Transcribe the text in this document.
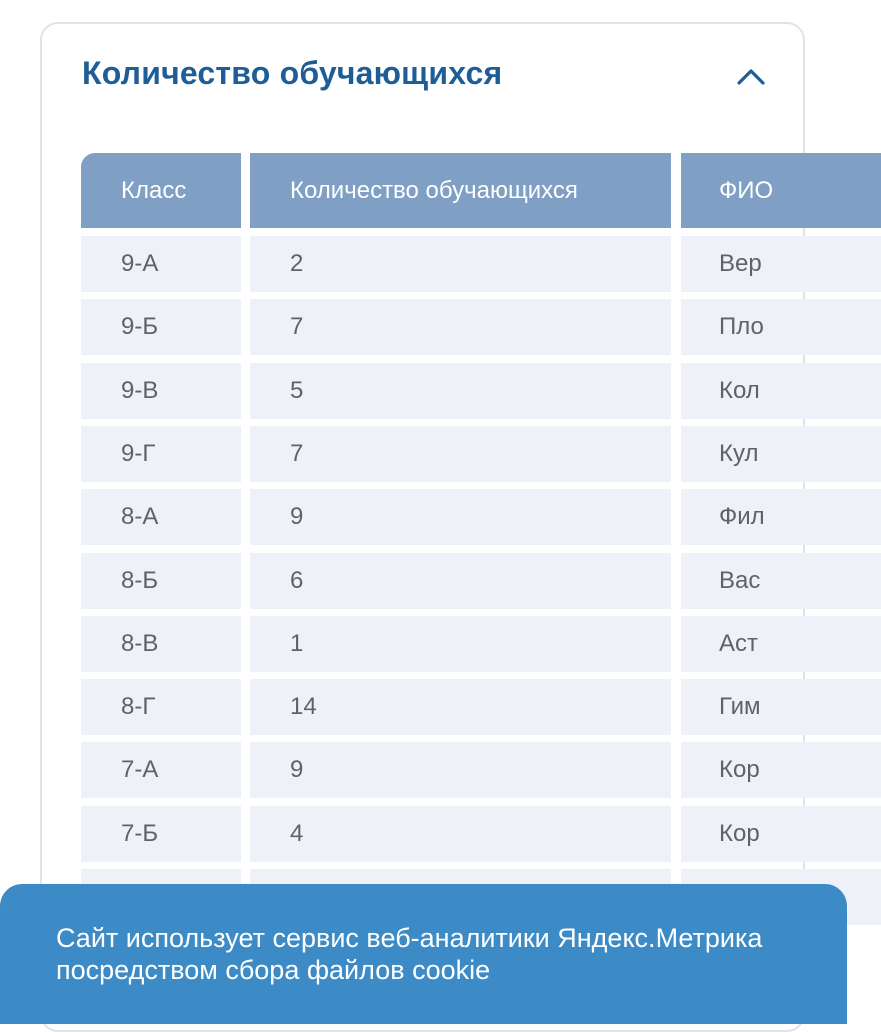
Количество обучающихся
Класс	Количество обучающихся	ФИО
9-А	2	Вер
9-Б	7	Пло
9-В	5	Кол
9-Г	7	Кул
8-А	9	Фил
8-Б	6	Вас
8-В	1	Аст
8-Г	14	Гим
7-А	9	Кор
7-Б	4	Кор
Сайт использует сервис веб-аналитики Яндекс.Метрика посредством сбора файлов cookie
